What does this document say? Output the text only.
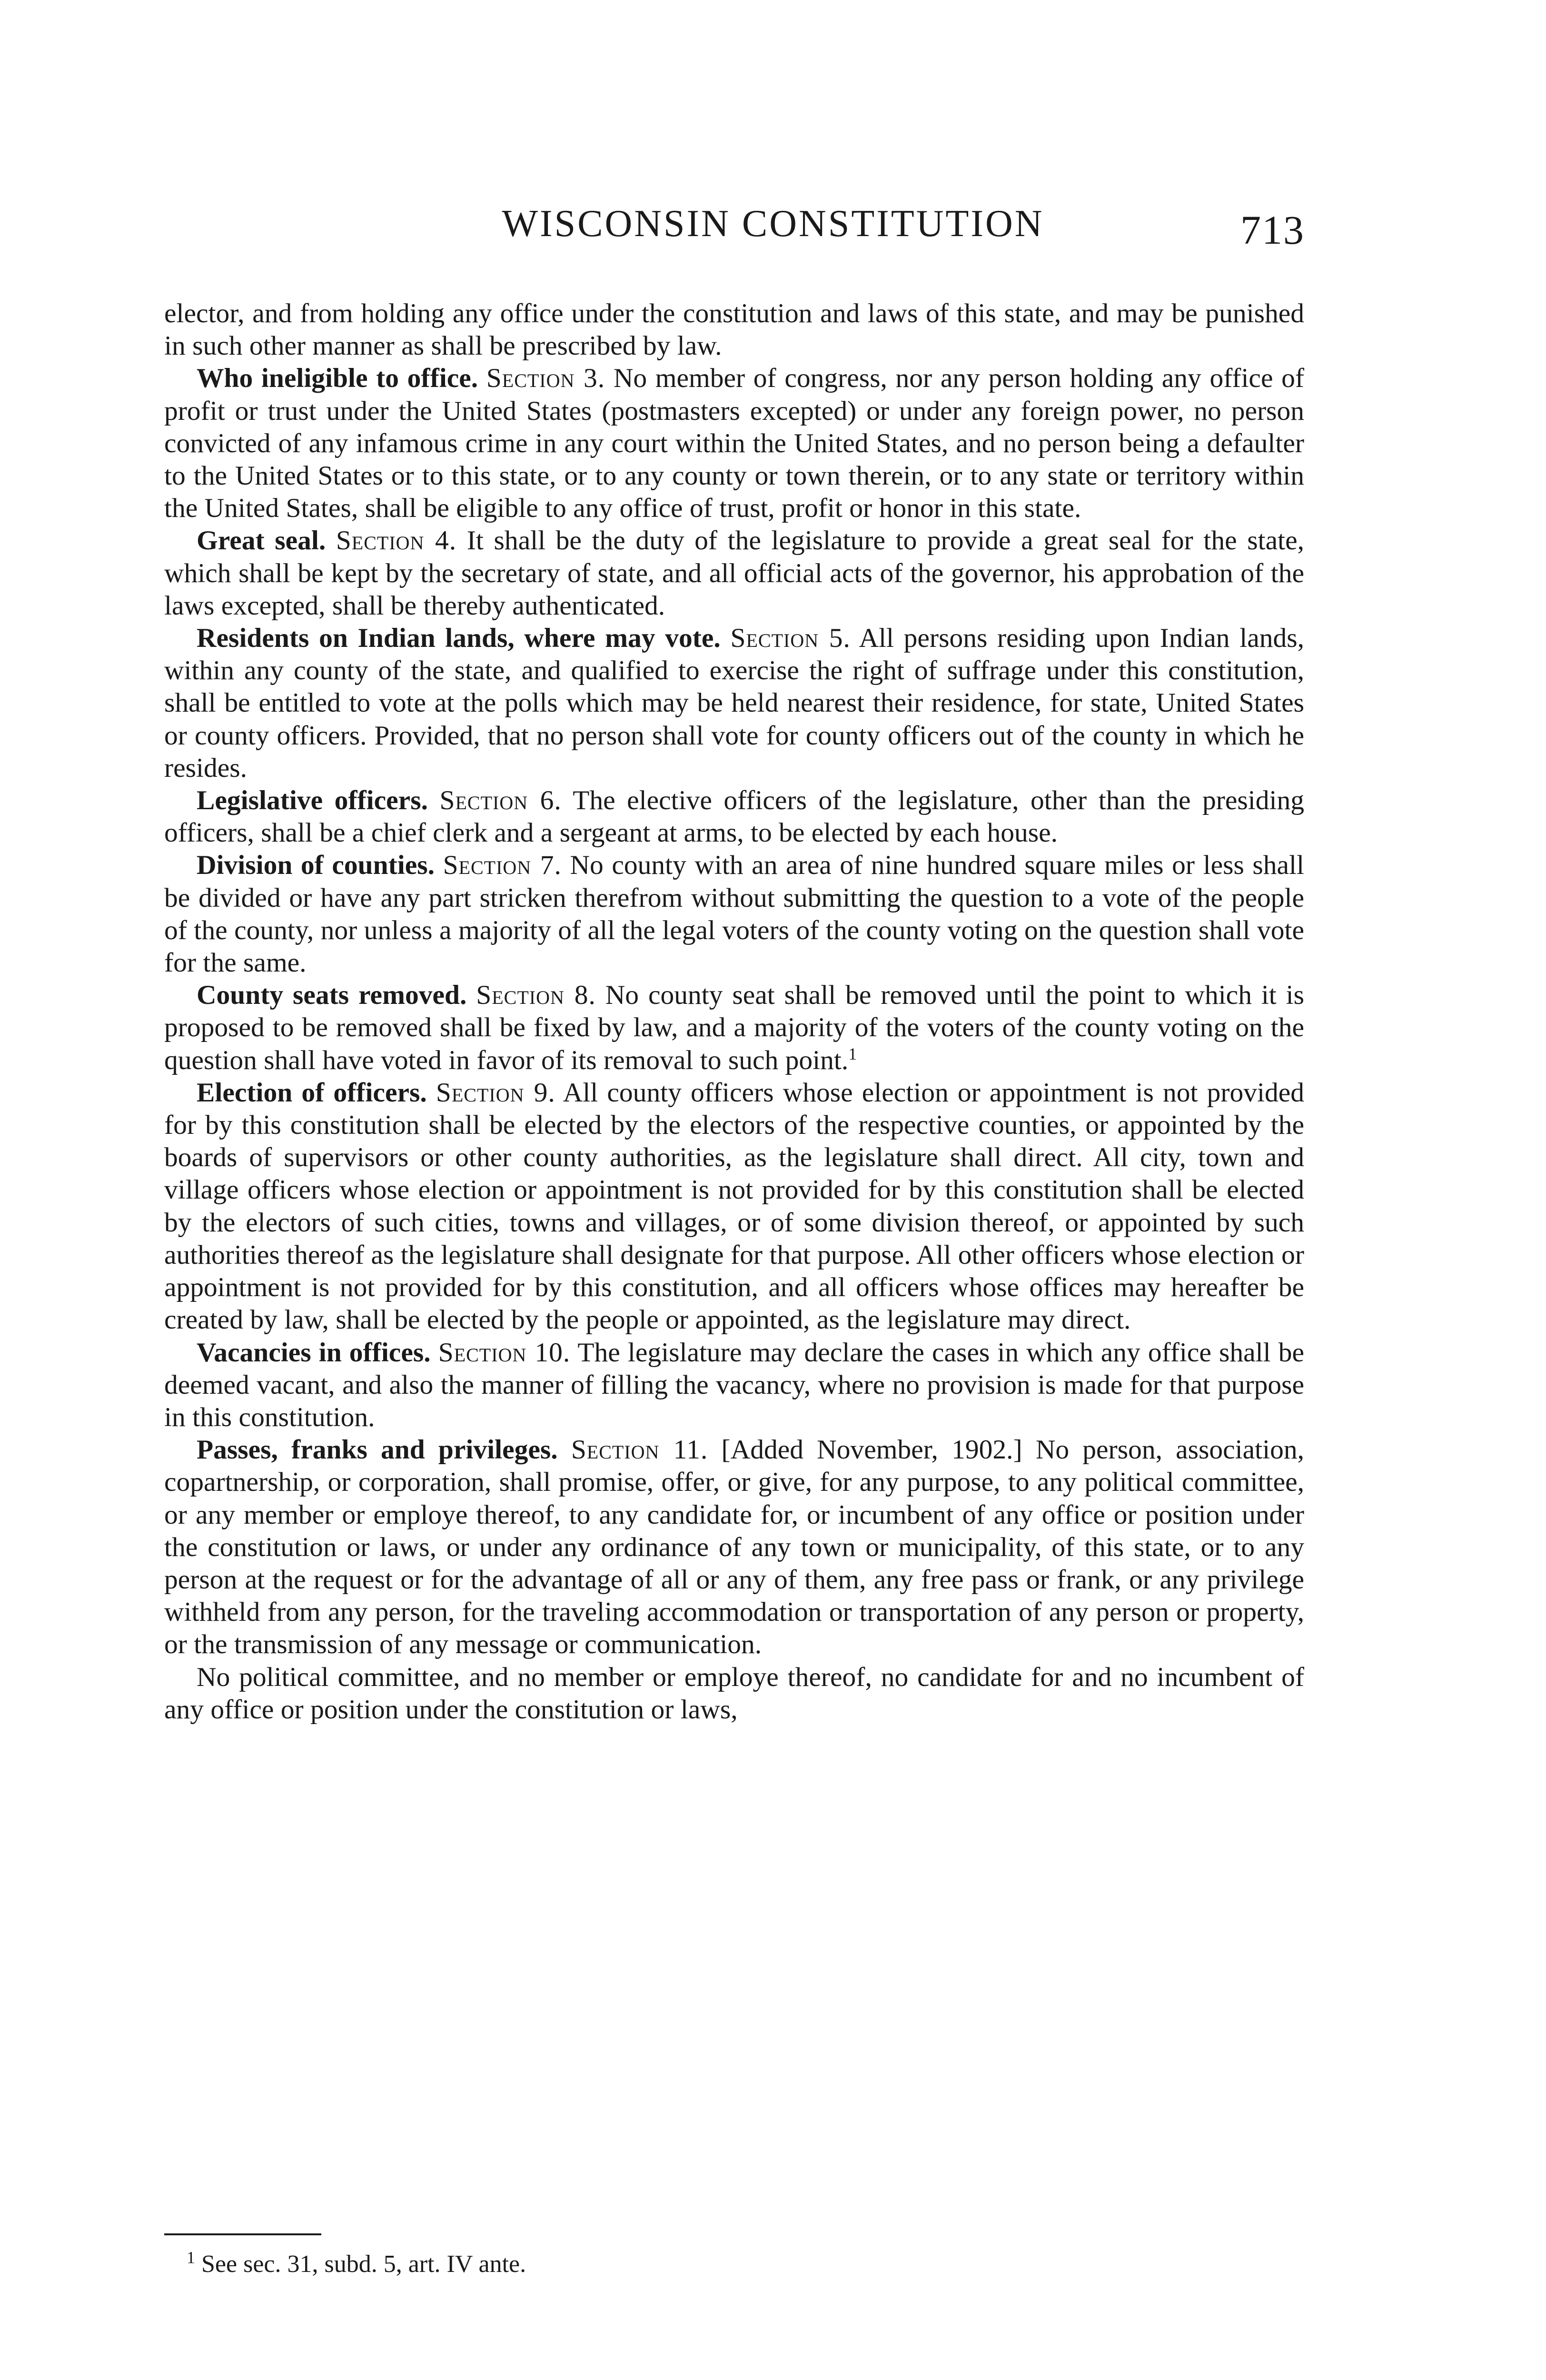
WISCONSIN CONSTITUTION	713

elector, and from holding any office under the constitution and laws of this state, and may be punished in such other manner as shall be prescribed by law.

Who ineligible to office. Section 3. No member of congress, nor any person holding any office of profit or trust under the United States (postmasters excepted) or under any foreign power, no person convicted of any infamous crime in any court within the United States, and no person being a defaulter to the United States or to this state, or to any county or town therein, or to any state or territory within the United States, shall be eligible to any office of trust, profit or honor in this state.

Great seal. Section 4. It shall be the duty of the legislature to provide a great seal for the state, which shall be kept by the secretary of state, and all official acts of the governor, his approbation of the laws excepted, shall be thereby authenticated.

Residents on Indian lands, where may vote. Section 5. All persons residing upon Indian lands, within any county of the state, and qualified to exercise the right of suffrage under this constitution, shall be entitled to vote at the polls which may be held nearest their residence, for state, United States or county officers. Provided, that no person shall vote for county officers out of the county in which he resides.

Legislative officers. Section 6. The elective officers of the legislature, other than the presiding officers, shall be a chief clerk and a sergeant at arms, to be elected by each house.

Division of counties. Section 7. No county with an area of nine hundred square miles or less shall be divided or have any part stricken therefrom without submitting the question to a vote of the people of the county, nor unless a majority of all the legal voters of the county voting on the question shall vote for the same.

County seats removed. Section 8. No county seat shall be removed until the point to which it is proposed to be removed shall be fixed by law, and a majority of the voters of the county voting on the question shall have voted in favor of its removal to such point.$^1$

Election of officers. Section 9. All county officers whose election or appointment is not provided for by this constitution shall be elected by the electors of the respective counties, or appointed by the boards of supervisors or other county authorities, as the legislature shall direct. All city, town and village officers whose election or appointment is not provided for by this constitution shall be elected by the electors of such cities, towns and villages, or of some division thereof, or appointed by such authorities thereof as the legislature shall designate for that purpose. All other officers whose election or appointment is not provided for by this constitution, and all officers whose offices may hereafter be created by law, shall be elected by the people or appointed, as the legislature may direct.

Vacancies in offices. Section 10. The legislature may declare the cases in which any office shall be deemed vacant, and also the manner of filling the vacancy, where no provision is made for that purpose in this constitution.

Passes, franks and privileges. Section 11. [Added November, 1902.] No person, association, copartnership, or corporation, shall promise, offer, or give, for any purpose, to any political committee, or any member or employe thereof, to any candidate for, or incumbent of any office or position under the constitution or laws, or under any ordinance of any town or municipality, of this state, or to any person at the request or for the advantage of all or any of them, any free pass or frank, or any privilege withheld from any person, for the traveling accommodation or transportation of any person or property, or the transmission of any message or communication.

No political committee, and no member or employe thereof, no candidate for and no incumbent of any office or position under the constitution or laws,

$^1$ See sec. 31, subd. 5, art. IV ante.
